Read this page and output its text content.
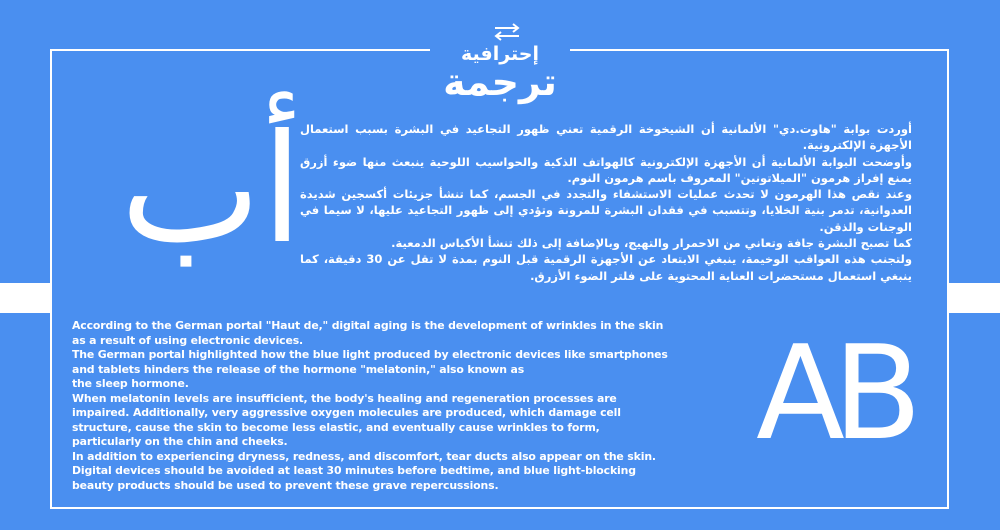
إحترافية
ترجمة
أب
AB

أوردت بوابة "هاوت.دي" الألمانية أن الشيخوخة الرقمية تعني ظهور التجاعيد في البشرة بسبب استعمال الأجهزة الإلكترونية.

وأوضحت البوابة الألمانية أن الأجهزة الإلكترونية كالهواتف الذكية والحواسيب اللوحية ينبعث منها ضوء أزرق يمنع إفراز هرمون "الميلاتونين" المعروف باسم هرمون النوم.

وعند نقص هذا الهرمون لا تحدث عمليات الاستشفاء والتجدد في الجسم، كما تنشأ جزيئات أكسجين شديدة العدوانية، تدمر بنية الخلايا، وتتسبب في فقدان البشرة للمرونة وتؤدي إلى ظهور التجاعيد عليها، لا سيما في الوجنات والذقن.

كما تصبح البشرة جافة وتعاني من الاحمرار والتهيج، وبالإضافة إلى ذلك تنشأ الأكياس الدمعية.

ولتجنب هذه العواقب الوخيمة، ينبغي الابتعاد عن الأجهزة الرقمية قبل النوم بمدة لا تقل عن 30 دقيقة، كما ينبغي استعمال مستحضرات العناية المحتوية على فلتر الضوء الأزرق.

According to the German portal "Haut de," digital aging is the development of wrinkles in the skin as a result of using electronic devices.

The German portal highlighted how the blue light produced by electronic devices like smartphones and tablets hinders the release of the hormone "melatonin," also known as

the sleep hormone.

When melatonin levels are insufficient, the body's healing and regeneration processes are impaired. Additionally, very aggressive oxygen molecules are produced, which damage cell structure, cause the skin to become less elastic, and eventually cause wrinkles to form, particularly on the chin and cheeks.

In addition to experiencing dryness, redness, and discomfort, tear ducts also appear on the skin.

Digital devices should be avoided at least 30 minutes before bedtime, and blue light-blocking beauty products should be used to prevent these grave repercussions.
